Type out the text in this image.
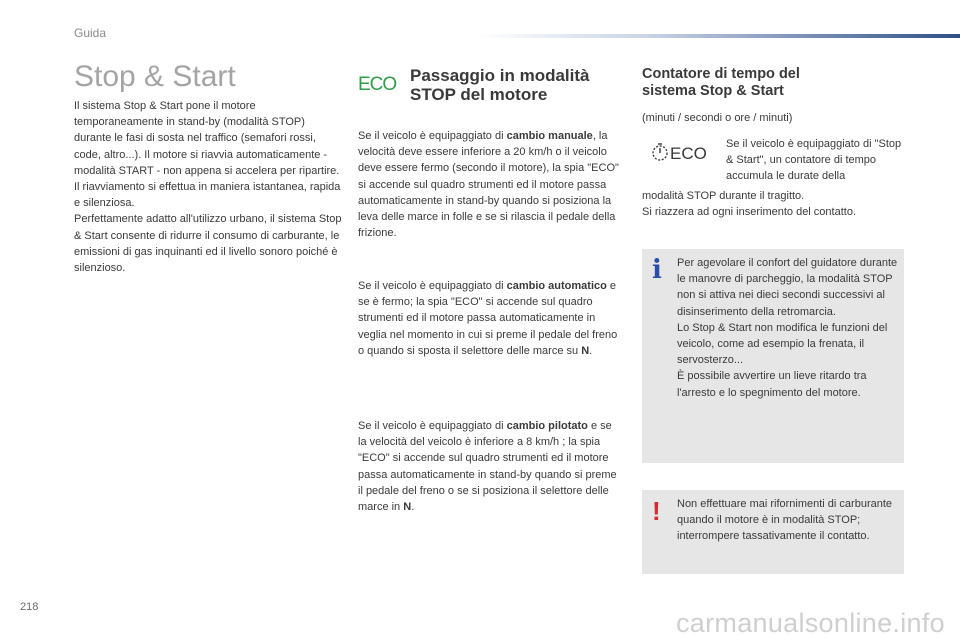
Guida
Stop & Start

Il sistema Stop & Start pone il motore temporaneamente in stand-by (modalità STOP) durante le fasi di sosta nel traffico (semafori rossi, code, altro...). Il motore si riavvia automaticamente - modalità START - non appena si accelera per ripartire. Il riavviamento si effettua in maniera istantanea, rapida e silenziosa.

Perfettamente adatto all'utilizzo urbano, il sistema Stop & Start consente di ridurre il consumo di carburante, le emissioni di gas inquinanti ed il livello sonoro poiché è silenzioso.

ECO Passaggio in modalità STOP del motore

Se il veicolo è equipaggiato di cambio manuale, la velocità deve essere inferiore a 20 km/h o il veicolo deve essere fermo (secondo il motore), la spia "ECO" si accende sul quadro strumenti ed il motore passa automaticamente in stand-by quando si posiziona la leva delle marce in folle e se si rilascia il pedale della frizione.

Se il veicolo è equipaggiato di cambio automatico e se è fermo; la spia "ECO" si accende sul quadro strumenti ed il motore passa automaticamente in veglia nel momento in cui si preme il pedale del freno o quando si sposta il selettore delle marce su N.

Se il veicolo è equipaggiato di cambio pilotato e se la velocità del veicolo è inferiore a 8 km/h ; la spia "ECO" si accende sul quadro strumenti ed il motore passa automaticamente in stand-by quando si preme il pedale del freno o se si posiziona il selettore delle marce in N.

Contatore di tempo del sistema Stop & Start

(minuti / secondi o ore / minuti)

ECO Se il veicolo è equipaggiato di "Stop & Start", un contatore di tempo accumula le durate della

modalità STOP durante il tragitto.

Si riazzera ad ogni inserimento del contatto.

i Per agevolare il confort del guidatore durante le manovre di parcheggio, la modalità STOP non si attiva nei dieci secondi successivi al disinserimento della retromarcia.
Lo Stop & Start non modifica le funzioni del veicolo, come ad esempio la frenata, il servosterzo...
È possibile avvertire un lieve ritardo tra l'arresto e lo spegnimento del motore.
! Non effettuare mai rifornimenti di carburante quando il motore è in modalità STOP; interrompere tassativamente il contatto.
218
carmanualsonline.info
